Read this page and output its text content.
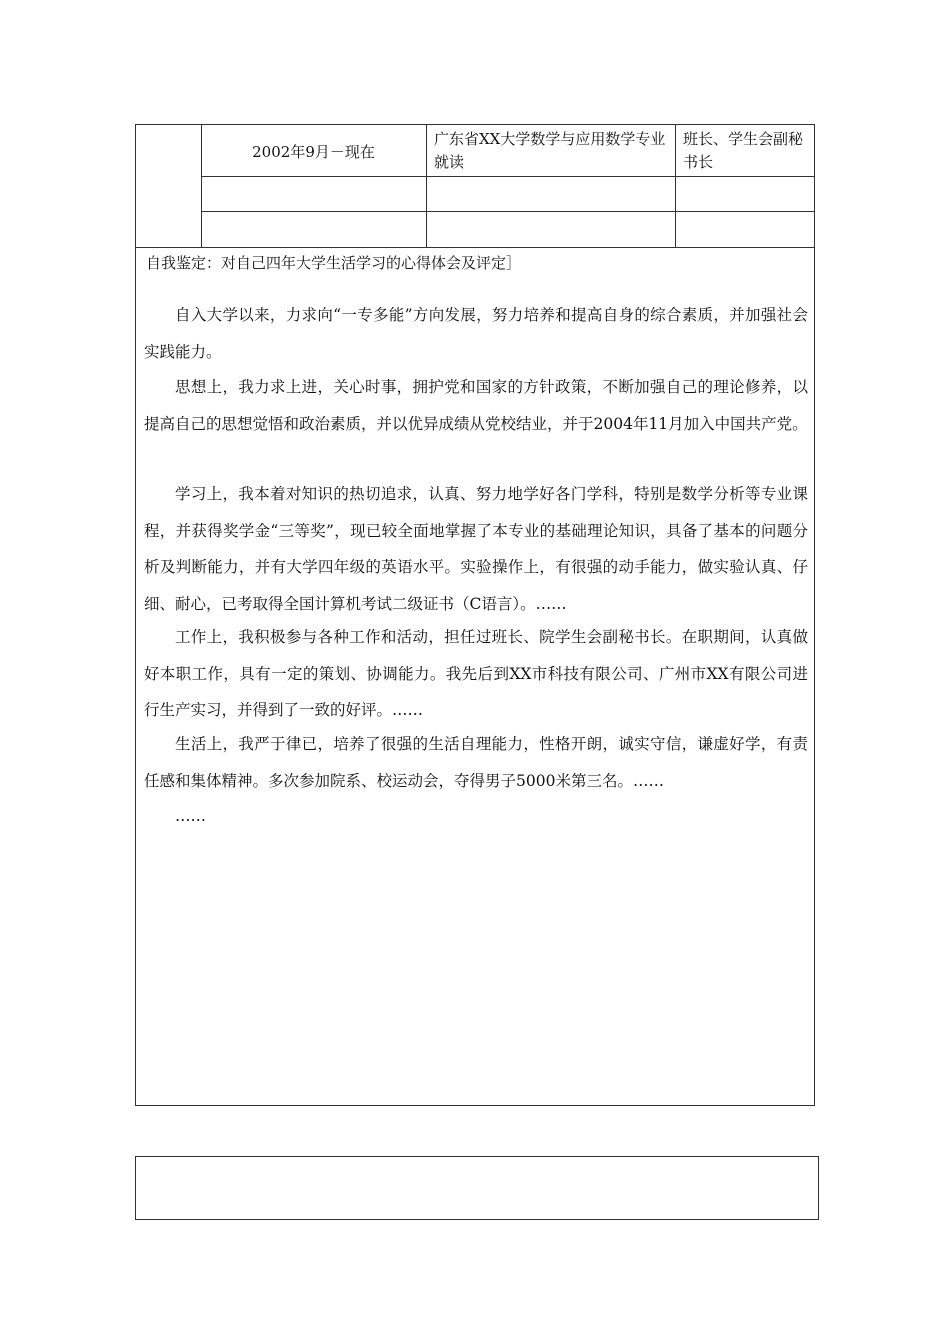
2002年9月－现在
广东省XX大学数学与应用数学专业就读
班长、学生会副秘书长
自我鉴定：对自己四年大学生活学习的心得体会及评定］

自入大学以来，力求向“一专多能”方向发展，努力培养和提高自身的综合素质，并加强社会实践能力。

思想上，我力求上进，关心时事，拥护党和国家的方针政策，不断加强自己的理论修养，以提高自己的思想觉悟和政治素质，并以优异成绩从党校结业，并于2004年11月加入中国共产党。

学习上，我本着对知识的热切追求，认真、努力地学好各门学科，特别是数学分析等专业课程，并获得奖学金“三等奖”，现已较全面地掌握了本专业的基础理论知识，具备了基本的问题分析及判断能力，并有大学四年级的英语水平。实验操作上，有很强的动手能力，做实验认真、仔细、耐心，已考取得全国计算机考试二级证书（C语言）。……

工作上，我积极参与各种工作和活动，担任过班长、院学生会副秘书长。在职期间，认真做好本职工作，具有一定的策划、协调能力。我先后到XX市科技有限公司、广州市XX有限公司进行生产实习，并得到了一致的好评。……

生活上，我严于律已，培养了很强的生活自理能力，性格开朗，诚实守信，谦虚好学，有责任感和集体精神。多次参加院系、校运动会，夺得男子5000米第三名。……

……
